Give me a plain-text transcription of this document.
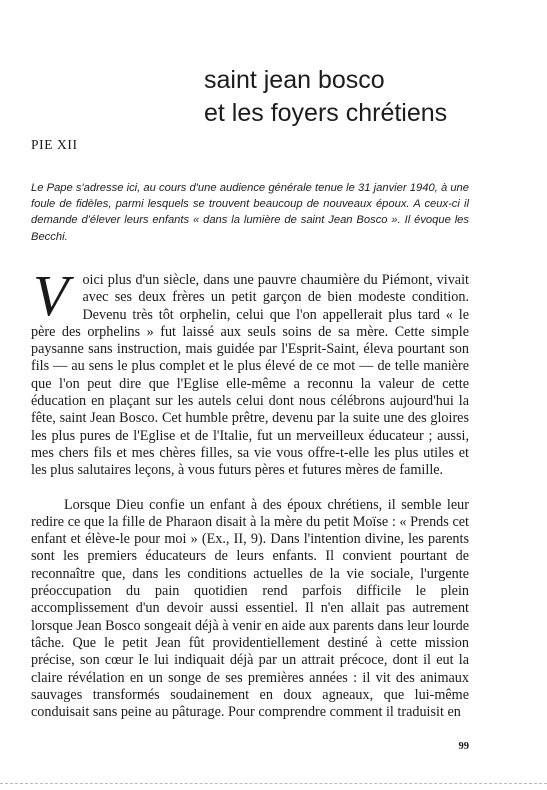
saint jean bosco
et les foyers chrétiens

PIE XII

Le Pape s'adresse ici, au cours d'une audience générale tenue le 31 janvier 1940, à une foule de fidèles, parmi lesquels se trouvent beaucoup de nouveaux époux. A ceux-ci il demande d'élever leurs enfants « dans la lumière de saint Jean Bosco ». Il évoque les Becchi.

Voici plus d'un siècle, dans une pauvre chaumière du Piémont, vivait avec ses deux frères un petit garçon de bien modeste condition. Devenu très tôt orphelin, celui que l'on appellerait plus tard « le père des orphelins » fut laissé aux seuls soins de sa mère. Cette simple paysanne sans instruction, mais guidée par l'Esprit-Saint, éleva pourtant son fils — au sens le plus complet et le plus élevé de ce mot — de telle manière que l'on peut dire que l'Eglise elle-même a reconnu la valeur de cette éducation en plaçant sur les autels celui dont nous célébrons aujourd'hui la fête, saint Jean Bosco. Cet humble prêtre, devenu par la suite une des gloires les plus pures de l'Eglise et de l'Italie, fut un merveilleux éducateur ; aussi, mes chers fils et mes chères filles, sa vie vous offre-t-elle les plus utiles et les plus salutaires leçons, à vous futurs pères et futures mères de famille.

Lorsque Dieu confie un enfant à des époux chrétiens, il semble leur redire ce que la fille de Pharaon disait à la mère du petit Moïse : « Prends cet enfant et élève-le pour moi » (Ex., II, 9). Dans l'intention divine, les parents sont les premiers éducateurs de leurs enfants. Il convient pourtant de reconnaître que, dans les conditions actuelles de la vie sociale, l'urgente préoccupation du pain quotidien rend parfois difficile le plein accomplissement d'un devoir aussi essentiel. Il n'en allait pas autrement lorsque Jean Bosco songeait déjà à venir en aide aux parents dans leur lourde tâche. Que le petit Jean fût providentiellement destiné à cette mission précise, son cœur le lui indiquait déjà par un attrait précoce, dont il eut la claire révélation en un songe de ses premières années : il vit des animaux sauvages transformés soudainement en doux agneaux, que lui-même conduisait sans peine au pâturage. Pour comprendre comment il traduisit en

99
